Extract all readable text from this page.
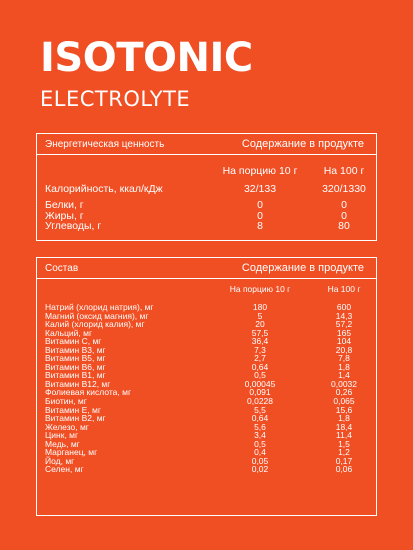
ISOTONIC
ELECTROLYTE
Энергетическая ценность	Содержание в продукте
На порцию 10 г	На 100 г
Калорийность, ккал/кДж	32/133	320/1330
Белки, г	0	0
Жиры, г	0	0
Углеводы, г	8	80
Состав	Содержание в продукте
На порцию 10 г	На 100 г
Натрий (хлорид натрия), мг	180	600
Магний (оксид магния), мг	5	14,3
Калий (хлорид калия), мг	20	57,2
Кальций, мг	57,5	165
Витамин С, мг	36,4	104
Витамин В3, мг	7,3	20,8
Витамин В5, мг	2,7	7,8
Витамин В6, мг	0,64	1,8
Витамин В1, мг	0,5	1,4
Витамин В12, мг	0,00045	0,0032
Фолиевая кислота, мг	0,091	0,26
Биотин, мг	0,0228	0,065
Витамин Е, мг	5,5	15,6
Витамин В2, мг	0,64	1,8
Железо, мг	5,6	18,4
Цинк, мг	3,4	11,4
Медь, мг	0,5	1,5
Марганец, мг	0,4	1,2
Йод, мг	0,05	0,17
Селен, мг	0,02	0,06
